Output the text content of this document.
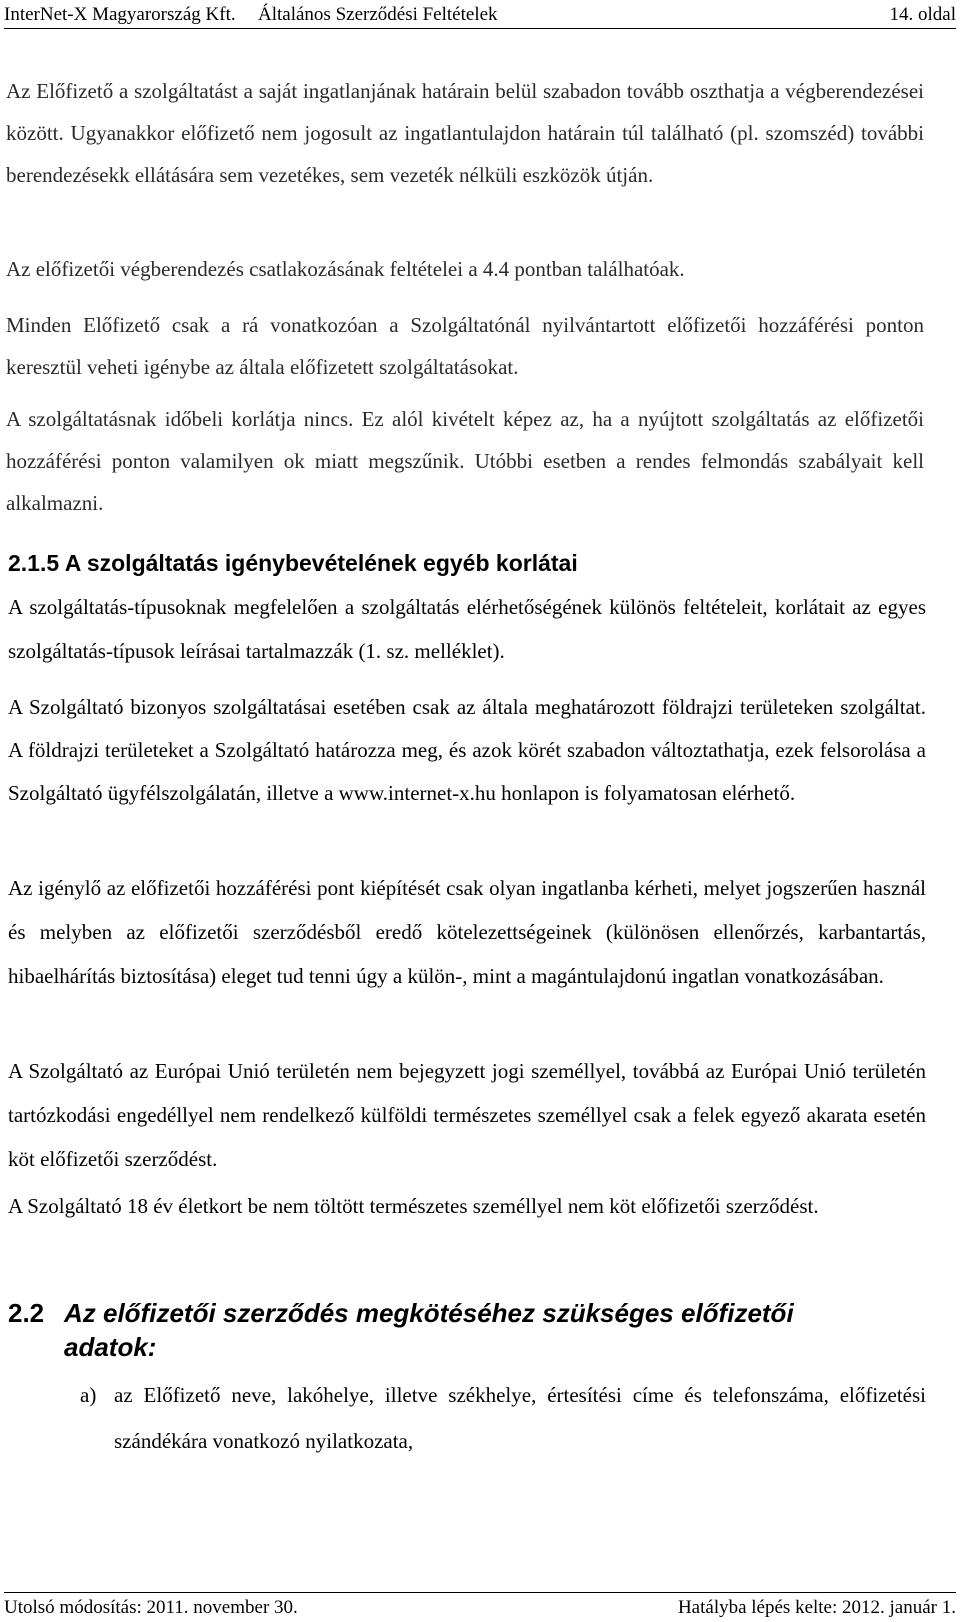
InterNet-X Magyarország Kft. Általános Szerződési Feltételek	14. oldal
Az Előfizető a szolgáltatást a saját ingatlanjának határain belül szabadon tovább oszthatja a végberendezései között. Ugyanakkor előfizető nem jogosult az ingatlantulajdon határain túl található (pl. szomszéd) további berendezésekk ellátására sem vezetékes, sem vezeték nélküli eszközök útján.
Az előfizetői végberendezés csatlakozásának feltételei a 4.4 pontban találhatóak.
Minden Előfizető csak a rá vonatkozóan a Szolgáltatónál nyilvántartott előfizetői hozzáférési ponton keresztül veheti igénybe az általa előfizetett szolgáltatásokat.
A szolgáltatásnak időbeli korlátja nincs. Ez alól kivételt képez az, ha a nyújtott szolgáltatás az előfizetői hozzáférési ponton valamilyen ok miatt megszűnik. Utóbbi esetben a rendes felmondás szabályait kell alkalmazni.
2.1.5 A szolgáltatás igénybevételének egyéb korlátai
A szolgáltatás-típusoknak megfelelően a szolgáltatás elérhetőségének különös feltételeit, korlátait az egyes szolgáltatás-típusok leírásai tartalmazzák (1. sz. melléklet).
A Szolgáltató bizonyos szolgáltatásai esetében csak az általa meghatározott földrajzi területeken szolgáltat. A földrajzi területeket a Szolgáltató határozza meg, és azok körét szabadon változtathatja, ezek felsorolása a Szolgáltató ügyfélszolgálatán, illetve a www.internet-x.hu honlapon is folyamatosan elérhető.
Az igénylő az előfizetői hozzáférési pont kiépítését csak olyan ingatlanba kérheti, melyet jogszerűen használ és melyben az előfizetői szerződésből eredő kötelezettségeinek (különösen ellenőrzés, karbantartás, hibaelhárítás biztosítása) eleget tud tenni úgy a külön-, mint a magántulajdonú ingatlan vonatkozásában.
A Szolgáltató az Európai Unió területén nem bejegyzett jogi személlyel, továbbá az Európai Unió területén tartózkodási engedéllyel nem rendelkező külföldi természetes személlyel csak a felek egyező akarata esetén köt előfizetői szerződést.
A Szolgáltató 18 év életkort be nem töltött természetes személlyel nem köt előfizetői szerződést.
2.2 Az előfizetői szerződés megkötéséhez szükséges előfizetői
adatok:
a) az Előfizető neve, lakóhelye, illetve székhelye, értesítési címe és telefonszáma, előfizetési szándékára vonatkozó nyilatkozata,
Utolsó módosítás: 2011. november 30.	Hatályba lépés kelte: 2012. január 1.
